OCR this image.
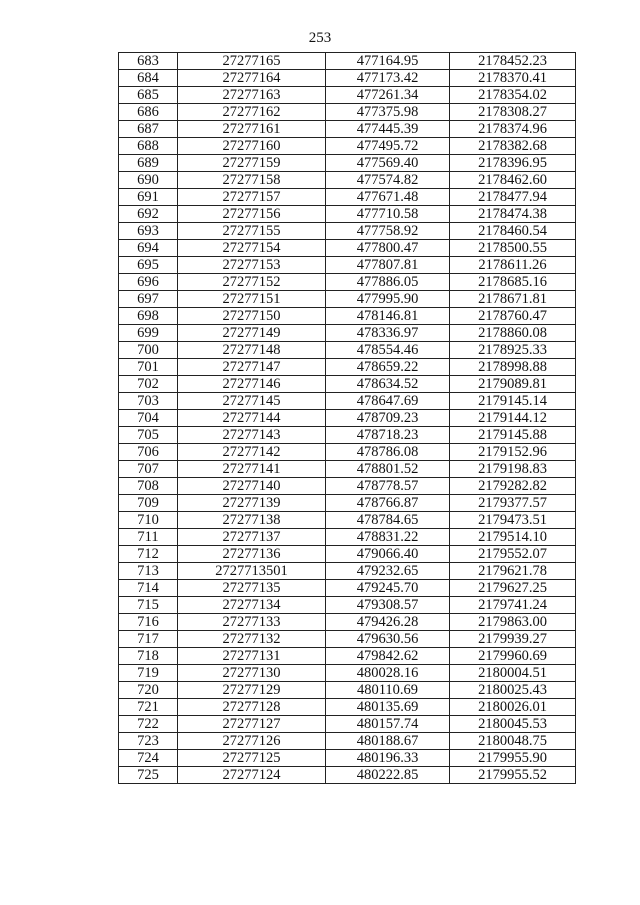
253
683	27277165	477164.95	2178452.23
684	27277164	477173.42	2178370.41
685	27277163	477261.34	2178354.02
686	27277162	477375.98	2178308.27
687	27277161	477445.39	2178374.96
688	27277160	477495.72	2178382.68
689	27277159	477569.40	2178396.95
690	27277158	477574.82	2178462.60
691	27277157	477671.48	2178477.94
692	27277156	477710.58	2178474.38
693	27277155	477758.92	2178460.54
694	27277154	477800.47	2178500.55
695	27277153	477807.81	2178611.26
696	27277152	477886.05	2178685.16
697	27277151	477995.90	2178671.81
698	27277150	478146.81	2178760.47
699	27277149	478336.97	2178860.08
700	27277148	478554.46	2178925.33
701	27277147	478659.22	2178998.88
702	27277146	478634.52	2179089.81
703	27277145	478647.69	2179145.14
704	27277144	478709.23	2179144.12
705	27277143	478718.23	2179145.88
706	27277142	478786.08	2179152.96
707	27277141	478801.52	2179198.83
708	27277140	478778.57	2179282.82
709	27277139	478766.87	2179377.57
710	27277138	478784.65	2179473.51
711	27277137	478831.22	2179514.10
712	27277136	479066.40	2179552.07
713	2727713501	479232.65	2179621.78
714	27277135	479245.70	2179627.25
715	27277134	479308.57	2179741.24
716	27277133	479426.28	2179863.00
717	27277132	479630.56	2179939.27
718	27277131	479842.62	2179960.69
719	27277130	480028.16	2180004.51
720	27277129	480110.69	2180025.43
721	27277128	480135.69	2180026.01
722	27277127	480157.74	2180045.53
723	27277126	480188.67	2180048.75
724	27277125	480196.33	2179955.90
725	27277124	480222.85	2179955.52
